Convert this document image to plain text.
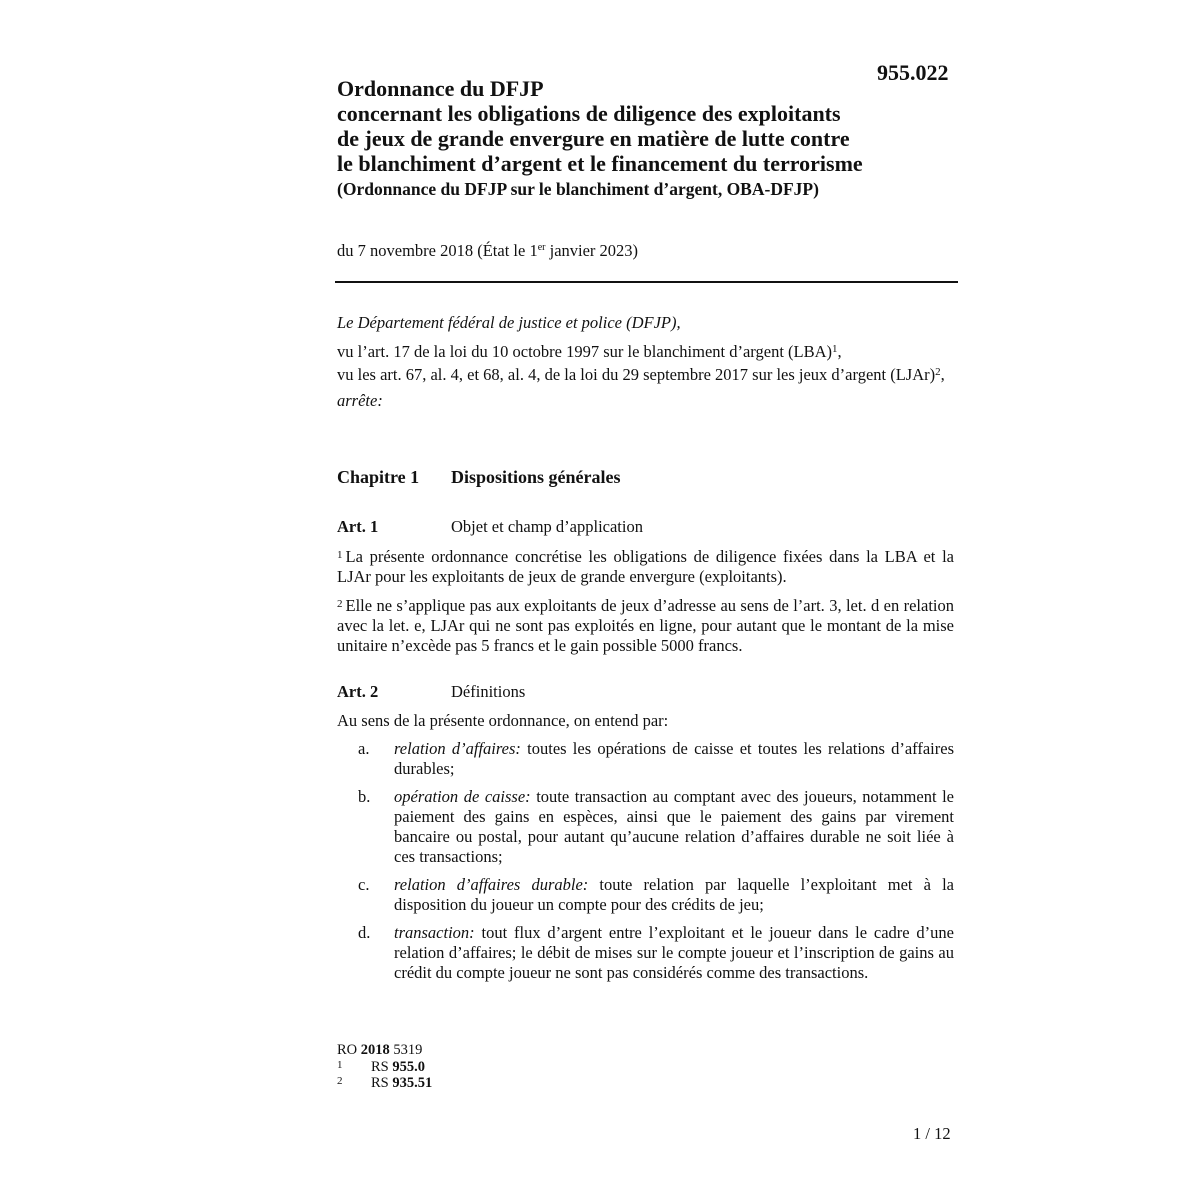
955.022
Ordonnance du DFJP
concernant les obligations de diligence des exploitants
de jeux de grande envergure en matière de lutte contre
le blanchiment d’argent et le financement du terrorisme
(Ordonnance du DFJP sur le blanchiment d’argent, OBA-DFJP)
du 7 novembre 2018 (État le 1er janvier 2023)

Le Département fédéral de justice et police (DFJP),

vu l’art. 17 de la loi du 10 octobre 1997 sur le blanchiment d’argent (LBA)$^1$,

vu les art. 67, al. 4, et 68, al. 4, de la loi du 29 septembre 2017 sur les jeux d’argent (LJAr)$^2$,

arrête:

Chapitre 1 Dispositions générales
Art. 1	Objet et champ d’application
$^1$ La présente ordonnance concrétise les obligations de diligence fixées dans la LBA et la LJAr pour les exploitants de jeux de grande envergure (exploitants).
$^2$ Elle ne s’applique pas aux exploitants de jeux d’adresse au sens de l’art. 3, let. d en relation avec la let. e, LJAr qui ne sont pas exploités en ligne, pour autant que le montant de la mise unitaire n’excède pas 5 francs et le gain possible 5000 francs.
Art. 2	Définitions
Au sens de la présente ordonnance, on entend par:
a. relation d’affaires: toutes les opérations de caisse et toutes les relations d’affaires durables;
b. opération de caisse: toute transaction au comptant avec des joueurs, notamment le paiement des gains en espèces, ainsi que le paiement des gains par virement bancaire ou postal, pour autant qu’aucune relation d’affaires durable ne soit liée à ces transactions;
c. relation d’affaires durable: toute relation par laquelle l’exploitant met à la disposition du joueur un compte pour des crédits de jeu;
d. transaction: tout flux d’argent entre l’exploitant et le joueur dans le cadre d’une relation d’affaires; le débit de mises sur le compte joueur et l’inscription de gains au crédit du compte joueur ne sont pas considérés comme des transactions.
RO 2018 5319
1 RS 955.0
2 RS 935.51
1 / 12
